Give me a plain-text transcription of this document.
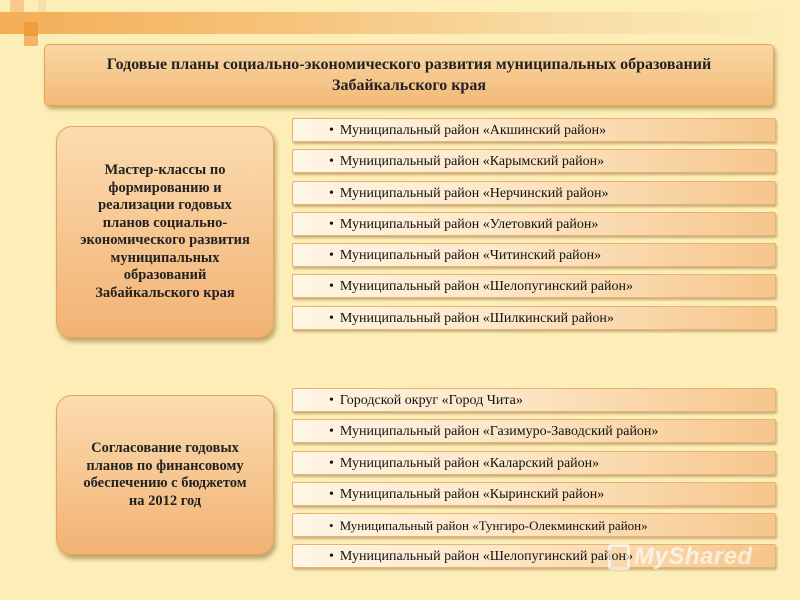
Годовые планы социально-экономического развития муниципальных образований Забайкальского края
Мастер-классы по формированию и реализации годовых планов социально-экономического развития муниципальных образований Забайкальского края
• Муниципальный район «Акшинский район»
• Муниципальный район «Карымский район»
• Муниципальный район «Нерчинский район»
• Муниципальный район «Улетовкий район»
• Муниципальный район «Читинский район»
• Муниципальный район «Шелопугинский район»
• Муниципальный район «Шилкинский район»
Согласование годовых планов по финансовому обеспечению с бюджетом на 2012 год
• Городской округ «Город Чита»
• Муниципальный район «Газимуро-Заводский район»
• Муниципальный район «Каларский район»
• Муниципальный район «Кыринский район»
• Муниципальный район «Тунгиро-Олекминский район»
• Муниципальный район «Шелопугинский район» MyShared
